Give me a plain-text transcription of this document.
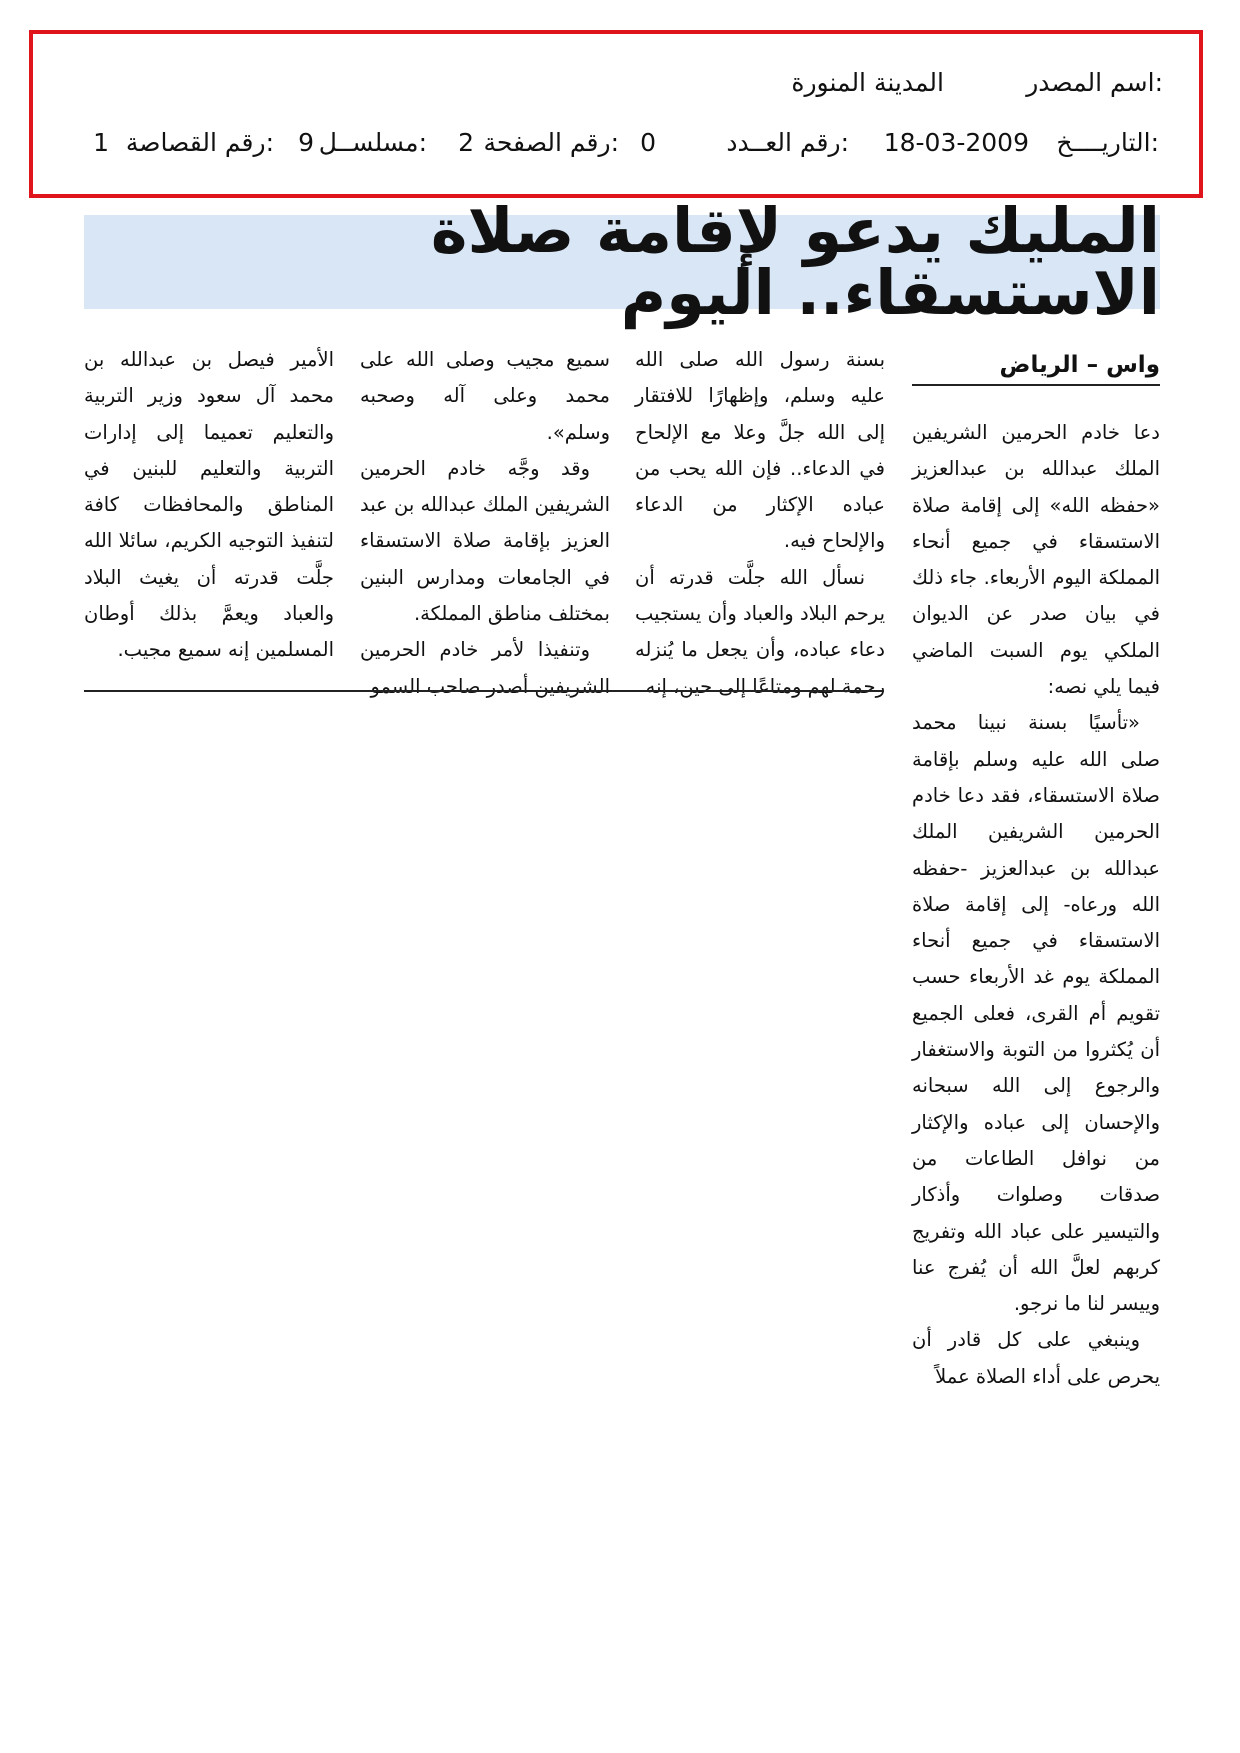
اسم المصدر:
المدينة المنورة
التاريــــخ:
18-03-2009
رقم العــدد:
0
رقم الصفحة:
2
مسلســل:
9
رقم القصاصة:
1
المليك يدعو لإقامة صلاة الاستسقاء.. اليوم
واس – الرياض

دعا خادم الحرمين الشريفين الملك عبدالله بن عبدالعزيز «حفظه الله» إلى إقامة صلاة الاستسقاء في جميع أنحاء المملكة اليوم الأربعاء. جاء ذلك في بيان صدر عن الديوان الملكي يوم السبت الماضي فيما يلي نصه:

«تأسيًا بسنة نبينا محمد صلى الله عليه وسلم بإقامة صلاة الاستسقاء، فقد دعا خادم الحرمين الشريفين الملك عبدالله بن عبدالعزيز -حفظه الله ورعاه- إلى إقامة صلاة الاستسقاء في جميع أنحاء المملكة يوم غد الأربعاء حسب تقويم أم القرى، فعلى الجميع أن يُكثروا من التوبة والاستغفار والرجوع إلى الله سبحانه والإحسان إلى عباده والإكثار من نوافل الطاعات من صدقات وصلوات وأذكار والتيسير على عباد الله وتفريج كربهم لعلَّ الله أن يُفرج عنا وييسر لنا ما نرجو.

وينبغي على كل قادر أن يحرص على أداء الصلاة عملاً

بسنة رسول الله صلى الله عليه وسلم، وإظهارًا للافتقار إلى الله جلَّ وعلا مع الإلحاح في الدعاء.. فإن الله يحب من عباده الإكثار من الدعاء والإلحاح فيه.

نسأل الله جلَّت قدرته أن يرحم البلاد والعباد وأن يستجيب دعاء عباده، وأن يجعل ما يُنزله رحمة لهم ومتاعًا إلى حين، إنه

سميع مجيب وصلى الله على محمد وعلى آله وصحبه وسلم».

وقد وجَّه خادم الحرمين الشريفين الملك عبدالله بن عبد العزيز بإقامة صلاة الاستسقاء في الجامعات ومدارس البنين بمختلف مناطق المملكة.

وتنفيذا لأمر خادم الحرمين الشريفين أصدر صاحب السمو

الأمير فيصل بن عبدالله بن محمد آل سعود وزير التربية والتعليم تعميما إلى إدارات التربية والتعليم للبنين في المناطق والمحافظات كافة لتنفيذ التوجيه الكريم، سائلا الله جلَّت قدرته أن يغيث البلاد والعباد ويعمَّ بذلك أوطان المسلمين إنه سميع مجيب.
